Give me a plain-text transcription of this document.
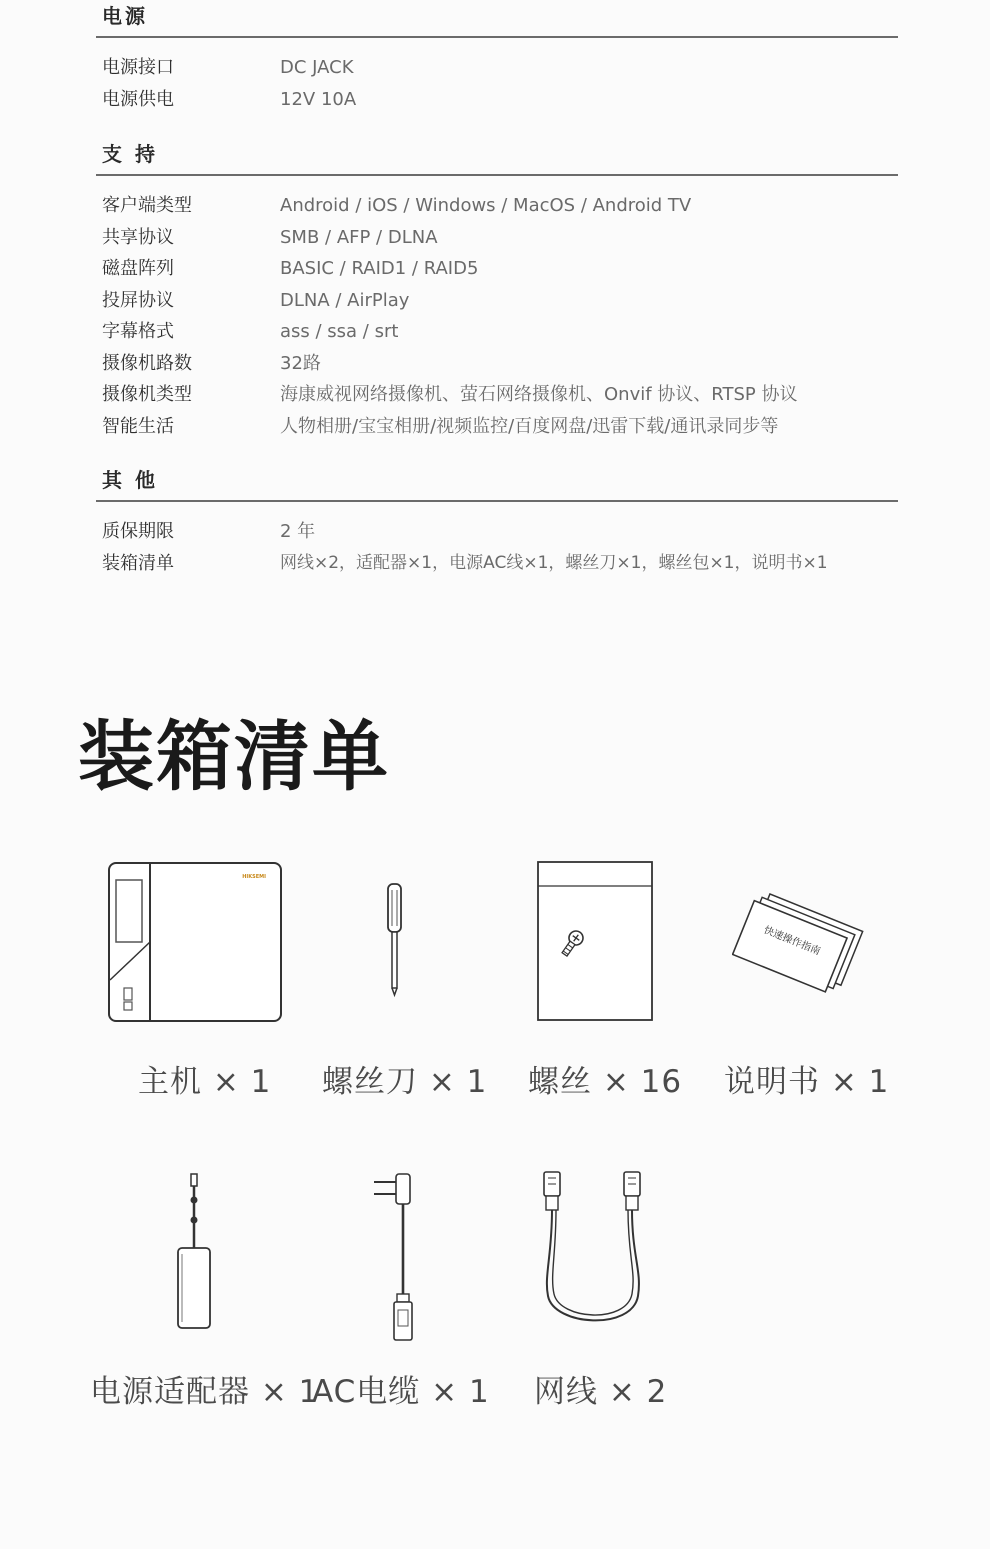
电源
电源接口	DC JACK
电源供电	12V 10A
支 持
客户端类型	Android / iOS / Windows / MacOS / Android TV
共享协议	SMB / AFP / DLNA
磁盘阵列	BASIC / RAID1 / RAID5
投屏协议	DLNA / AirPlay
字幕格式	ass / ssa / srt
摄像机路数	32路
摄像机类型	海康威视网络摄像机、萤石网络摄像机、Onvif 协议、RTSP 协议
智能生活	人物相册/宝宝相册/视频监控/百度网盘/迅雷下载/通讯录同步等
其 他
质保期限	2 年
装箱清单	网线×2，适配器×1，电源AC线×1，螺丝刀×1，螺丝包×1，说明书×1
装箱清单
HIKSEMI
主机 × 1 螺丝刀 × 1 螺丝 × 16
快速操作指南
说明书 × 1
电源适配器 × 1
AC电缆 × 1 网线 × 2
